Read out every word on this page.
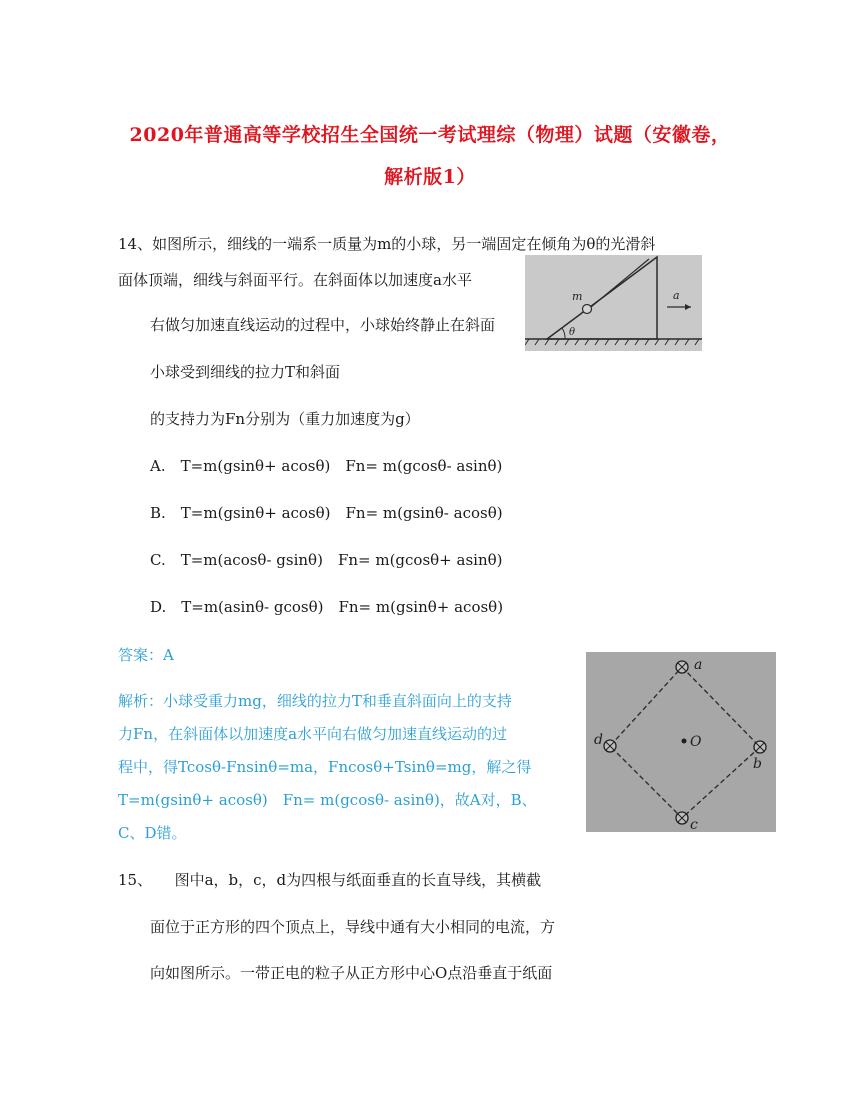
2020年普通高等学校招生全国统一考试理综（物理）试题（安徽卷，
解析版1）
14、如图所示，细线的一端系一质量为m的小球，另一端固定在倾角为θ的光滑斜
面体顶端，细线与斜面平行。在斜面体以加速度a水平
右做匀加速直线运动的过程中，小球始终静止在斜面
小球受到细线的拉力T和斜面
的支持力为Fn分别为（重力加速度为g）
A.　T=m(gsinθ+ acosθ)　Fn= m(gcosθ- asinθ)
B.　T=m(gsinθ+ acosθ)　Fn= m(gsinθ- acosθ)
C.　T=m(acosθ- gsinθ)　Fn= m(gcosθ+ asinθ)
D.　T=m(asinθ- gcosθ)　Fn= m(gsinθ+ acosθ)
答案：A
解析：小球受重力mg，细线的拉力T和垂直斜面向上的支持
力Fn，在斜面体以加速度a水平向右做匀加速直线运动的过
程中，得Tcosθ-Fnsinθ=ma，Fncosθ+Tsinθ=mg，解之得
T=m(gsinθ+ acosθ)　Fn= m(gcosθ- asinθ)，故A对，B、
C、D错。
15、　　图中a，b，c，d为四根与纸面垂直的长直导线，其横截
面位于正方形的四个顶点上，导线中通有大小相同的电流，方
向如图所示。一带正电的粒子从正方形中心O点沿垂直于纸面
m
θ
a
a
b
c
d	O
